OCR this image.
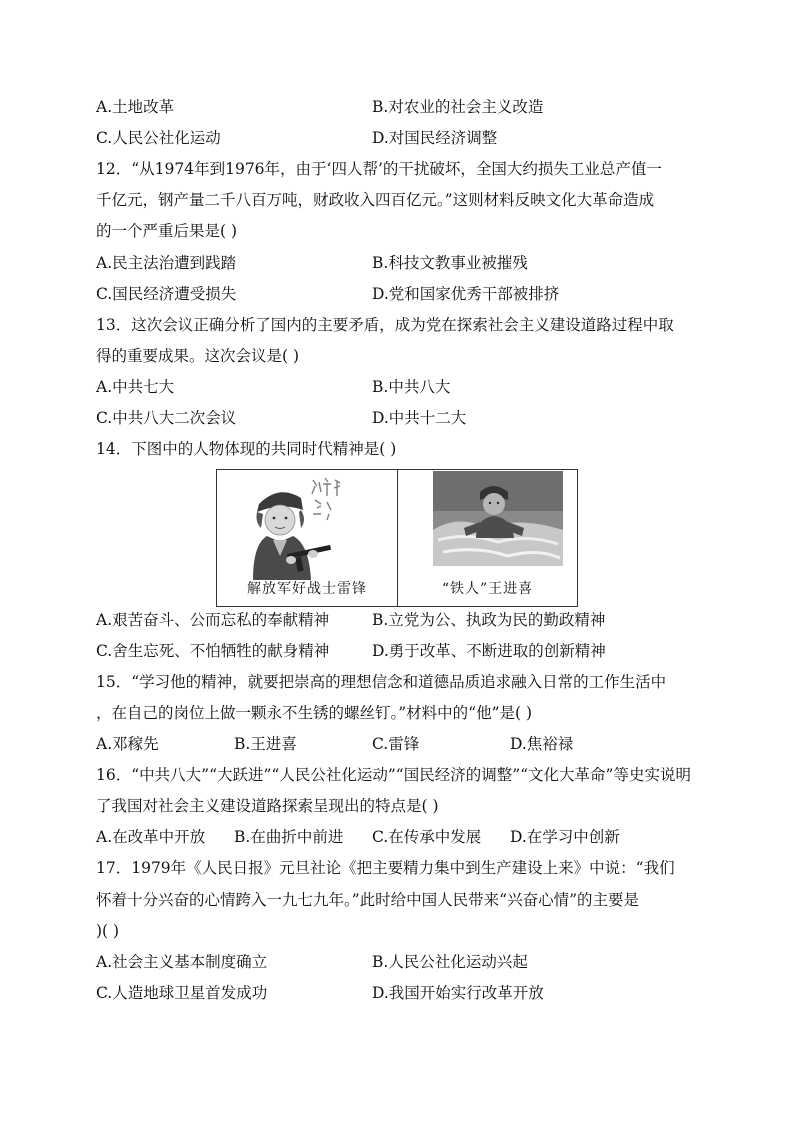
A.土地改革	B.对农业的社会主义改造
C.人民公社化运动	D.对国民经济调整
12．“从1974年到1976年，由于‘四人帮’的干扰破坏，全国大约损失工业总产值一
千亿元，钢产量二千八百万吨，财政收入四百亿元。”这则材料反映文化大革命造成
的一个严重后果是( )
A.民主法治遭到践踏	B.科技文教事业被摧残
C.国民经济遭受损失	D.党和国家优秀干部被排挤
13．这次会议正确分析了国内的主要矛盾，成为党在探索社会主义建设道路过程中取
得的重要成果。这次会议是( )
A.中共七大	B.中共八大
C.中共八大二次会议	D.中共十二大
14．下图中的人物体现的共同时代精神是( )
解放军好战士雷锋	“铁人”王进喜
A.艰苦奋斗、公而忘私的奉献精神	B.立党为公、执政为民的勤政精神
C.舍生忘死、不怕牺牲的献身精神	D.勇于改革、不断进取的创新精神
15．“学习他的精神，就要把崇高的理想信念和道德品质追求融入日常的工作生活中
，在自己的岗位上做一颗永不生锈的螺丝钉。”材料中的“他”是( )
A.邓稼先	B.王进喜	C.雷锋	D.焦裕禄
16．“中共八大”“大跃进”“人民公社化运动”“国民经济的调整”“文化大革命”等史实说明
了我国对社会主义建设道路探索呈现出的特点是( )
A.在改革中开放 B.在曲折中前进 C.在传承中发展 D.在学习中创新
17．1979年《人民日报》元旦社论《把主要精力集中到生产建设上来》中说：“我们
怀着十分兴奋的心情跨入一九七九年。”此时给中国人民带来“兴奋心情”的主要是
)( )
A.社会主义基本制度确立	B.人民公社化运动兴起
C.人造地球卫星首发成功	D.我国开始实行改革开放
